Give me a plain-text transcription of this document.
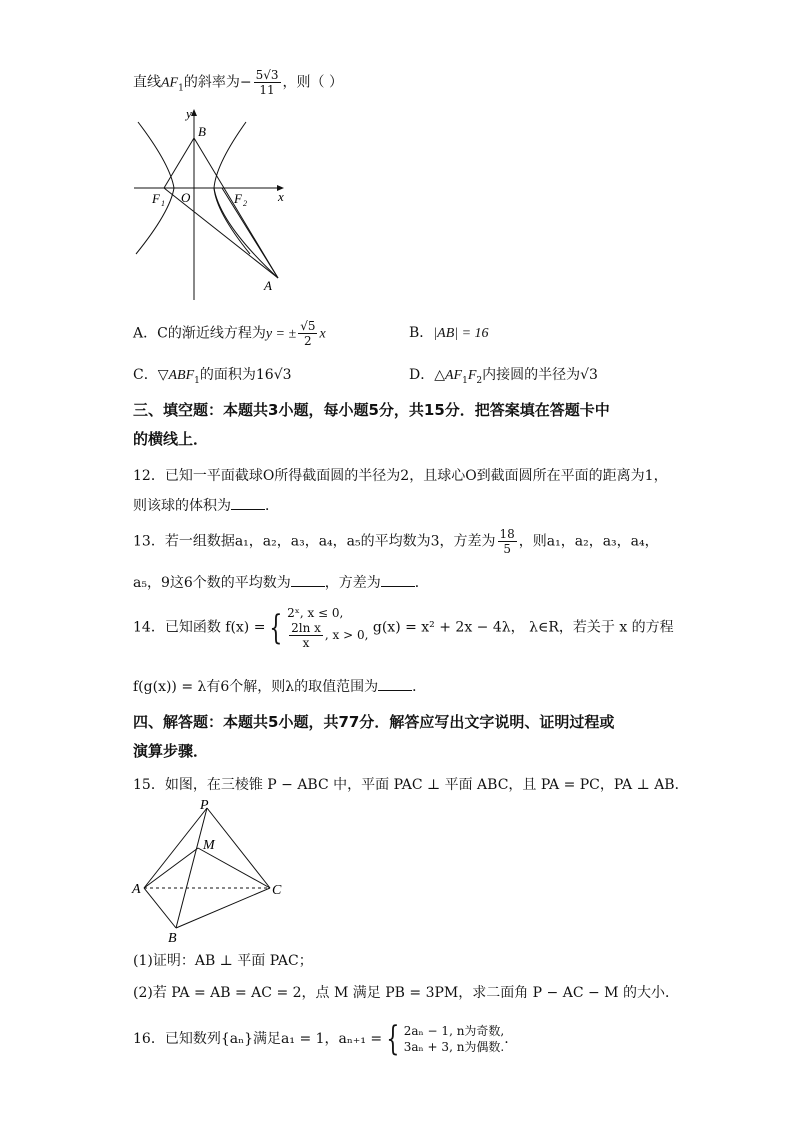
直线$AF_1$的斜率为− $\frac{5√3}{11}$ ，则（ ）
y
x
B
O
F 1	F 2
A
A．C的渐近线方程为y = ± $\frac{√5}{2}$ x	B．|AB| = 16
C．$▽ABF_1$的面积为16√3	D．$\triangle AF_1F_2$内接圆的半径为√3
三、填空题：本题共3小题，每小题5分，共15分．把答案填在答题卡中
的横线上．
12．已知一平面截球O所得截面圆的半径为2，且球心O到截面圆所在平面的距离为1，
则该球的体积为 ．
13．若一组数据a₁，a₂，a₃，a₄，a₅的平均数为3，方差为 $\frac{18}{5}$ ，则a₁，a₂，a₃，a₄，
a₅，9这6个数的平均数为 ，方差为 ．
14．已知函数 f(x) = { 2ˣ, x ≤ 0,
$\frac{\text{2ln x}}{x}$ , x > 0, g(x) = x² + 2x − 4λ， λ∈R，若关于 x 的方程
f(g(x)) = λ有6个解，则λ的取值范围为 ．
四、解答题：本题共5小题，共77分．解答应写出文字说明、证明过程或
演算步骤．
15．如图，在三棱锥 P − ABC 中，平面 PAC ⊥ 平面 ABC，且 PA = PC，PA ⊥ AB．
P
M
A
B
C
(1)证明：AB ⊥ 平面 PAC；
(2)若 PA = AB = AC = 2，点 M 满足 PB = 3PM，求二面角 P − AC − M 的大小．
16．已知数列{aₙ}满足a₁ = 1，aₙ₊₁ = { 2aₙ − 1, n为奇数,
3aₙ + 3, n为偶数. .
